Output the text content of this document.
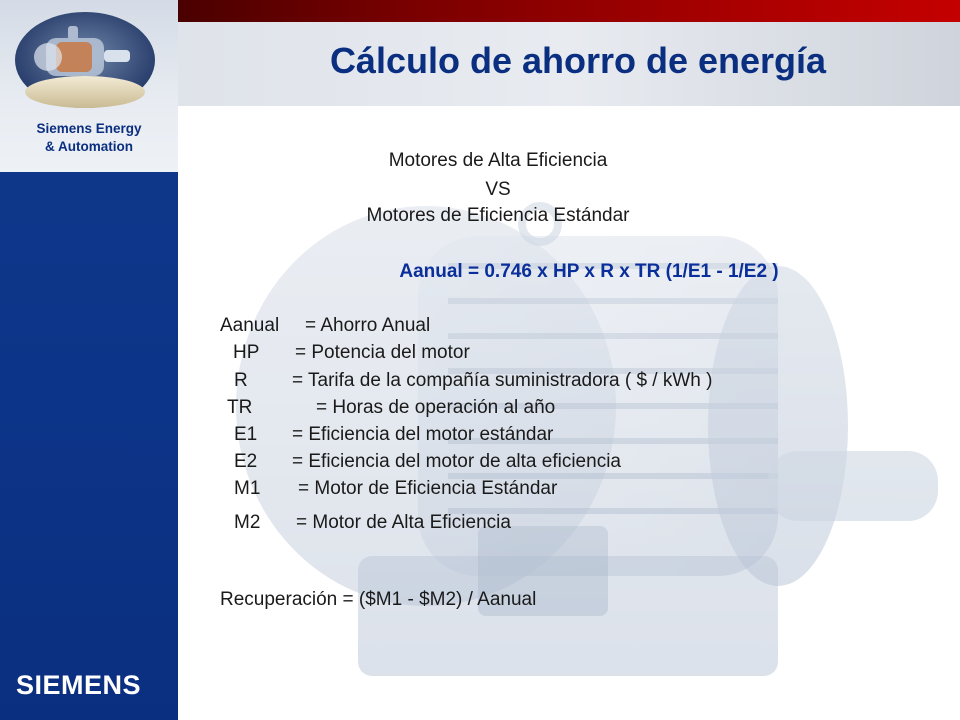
Siemens Energy
& Automation
SIEMENS
Cálculo de ahorro de energía
Motores de Alta Eficiencia
VS
Motores de Eficiencia Estándar
Aanual = 0.746 x HP x R x TR (1/E1 - 1/E2 )
Aanual = Ahorro Anual
HP = Potencia del motor
R = Tarifa de la compañía suministradora ( $ / kWh )
TR	= Horas de operación al año
E1 = Eficiencia del motor estándar
E2 = Eficiencia del motor de alta eficiencia
M1 = Motor de Eficiencia Estándar
M2 = Motor de Alta Eficiencia
Recuperación = ($M1 - $M2) / Aanual
